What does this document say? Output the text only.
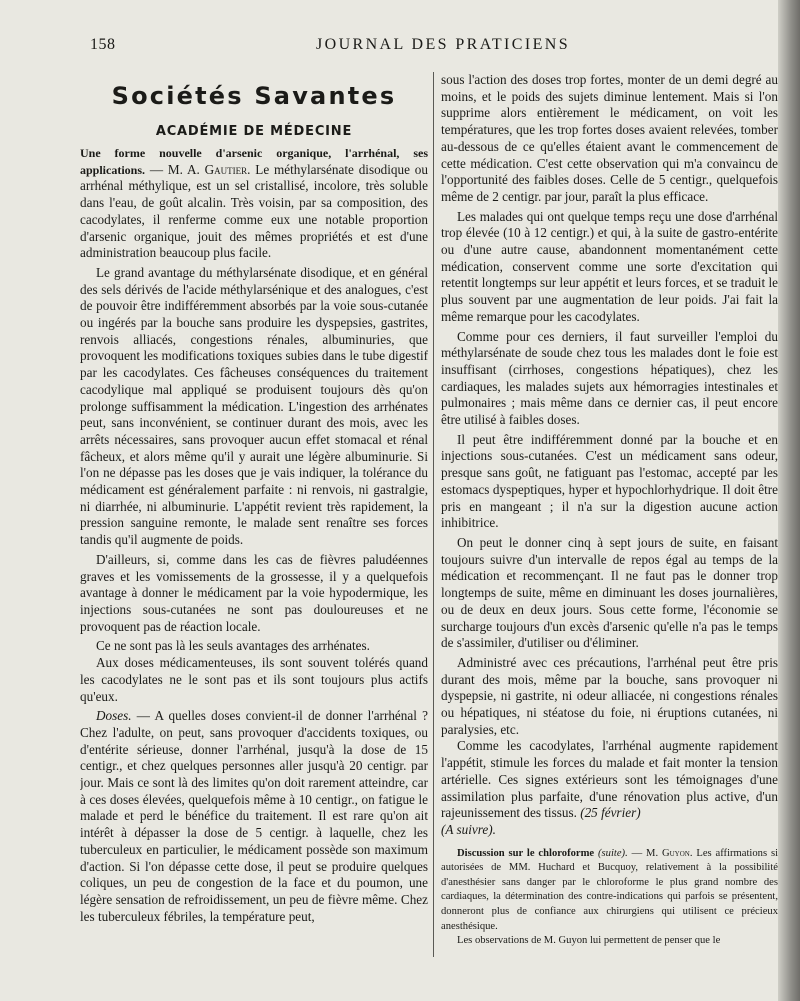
158	JOURNAL DES PRATICIENS
Sociétés Savantes
ACADÉMIE DE MÉDECINE

Une forme nouvelle d'arsenic organique, l'arrhénal, ses applications. — M. A. Gautier. Le méthylarsénate disodique ou arrhénal méthylique, est un sel cristallisé, incolore, très soluble dans l'eau, de goût alcalin. Très voisin, par sa composition, des cacodylates, il renferme comme eux une notable proportion d'arsenic organique, jouit des mêmes propriétés et est d'une administration beaucoup plus facile.

Le grand avantage du méthylarsénate disodique, et en général des sels dérivés de l'acide méthylarsénique et des analogues, c'est de pouvoir être indifféremment absorbés par la voie sous-cutanée ou ingérés par la bouche sans produire les dyspepsies, gastrites, renvois alliacés, congestions rénales, albuminuries, que provoquent les modifications toxiques subies dans le tube digestif par les cacodylates. Ces fâcheuses conséquences du traitement cacodylique mal appliqué se produisent toujours dès qu'on prolonge suffisamment la médication. L'ingestion des arrhénates peut, sans inconvénient, se continuer durant des mois, avec les arrêts nécessaires, sans provoquer aucun effet stomacal et rénal fâcheux, et alors même qu'il y aurait une légère albuminurie. Si l'on ne dépasse pas les doses que je vais indiquer, la tolérance du médicament est généralement parfaite : ni renvois, ni gastralgie, ni diarrhée, ni albuminurie. L'appétit revient très rapidement, la pression sanguine remonte, le malade sent renaître ses forces tandis qu'il augmente de poids.

D'ailleurs, si, comme dans les cas de fièvres paludéennes graves et les vomissements de la grossesse, il y a quelquefois avantage à donner le médicament par la voie hypodermique, les injections sous-cutanées ne sont pas douloureuses et ne provoquent pas de réaction locale.

Ce ne sont pas là les seuls avantages des arrhénates.

Aux doses médicamenteuses, ils sont souvent tolérés quand les cacodylates ne le sont pas et ils sont toujours plus actifs qu'eux.

Doses. — A quelles doses convient-il de donner l'arrhénal ? Chez l'adulte, on peut, sans provoquer d'accidents toxiques, ou d'entérite sérieuse, donner l'arrhénal, jusqu'à la dose de 15 centigr., et chez quelques personnes aller jusqu'à 20 centigr. par jour. Mais ce sont là des limites qu'on doit rarement atteindre, car à ces doses élevées, quelquefois même à 10 centigr., on fatigue le malade et perd le bénéfice du traitement. Il est rare qu'on ait intérêt à dépasser la dose de 5 centigr. à laquelle, chez les tuberculeux en particulier, le médicament possède son maximum d'action. Si l'on dépasse cette dose, il peut se produire quelques coliques, un peu de congestion de la face et du poumon, une légère sensation de refroidissement, un peu de fièvre même. Chez les tuberculeux fébriles, la température peut,

sous l'action des doses trop fortes, monter de un demi degré au moins, et le poids des sujets diminue lentement. Mais si l'on supprime alors entièrement le médicament, on voit les températures, que les trop fortes doses avaient relevées, tomber au-dessous de ce qu'elles étaient avant le commencement de cette médication. C'est cette observation qui m'a convaincu de l'opportunité des faibles doses. Celle de 5 centigr., quelquefois même de 2 centigr. par jour, paraît la plus efficace.

Les malades qui ont quelque temps reçu une dose d'arrhénal trop élevée (10 à 12 centigr.) et qui, à la suite de gastro-entérite ou d'une autre cause, abandonnent momentanément cette médication, conservent comme une sorte d'excitation qui retentit longtemps sur leur appétit et leurs forces, et se traduit le plus souvent par une augmentation de leur poids. J'ai fait la même remarque pour les cacodylates.

Comme pour ces derniers, il faut surveiller l'emploi du méthylarsénate de soude chez tous les malades dont le foie est insuffisant (cirrhoses, congestions hépatiques), chez les cardiaques, les malades sujets aux hémorragies intestinales et pulmonaires ; mais même dans ce dernier cas, il peut encore être utilisé à faibles doses.

Il peut être indifféremment donné par la bouche et en injections sous-cutanées. C'est un médicament sans odeur, presque sans goût, ne fatiguant pas l'estomac, accepté par les estomacs dyspeptiques, hyper et hypochlorhydrique. Il doit être pris en mangeant ; il n'a sur la digestion aucune action inhibitrice.

On peut le donner cinq à sept jours de suite, en faisant toujours suivre d'un intervalle de repos égal au temps de la médication et recommençant. Il ne faut pas le donner trop longtemps de suite, même en diminuant les doses journalières, ou de deux en deux jours. Sous cette forme, l'économie se surcharge toujours d'un excès d'arsenic qu'elle n'a pas le temps de s'assimiler, d'utiliser ou d'éliminer.

Administré avec ces précautions, l'arrhénal peut être pris durant des mois, même par la bouche, sans provoquer ni dyspepsie, ni gastrite, ni odeur alliacée, ni congestions rénales ou hépatiques, ni stéatose du foie, ni éruptions cutanées, ni paralysies, etc.

Comme les cacodylates, l'arrhénal augmente rapidement l'appétit, stimule les forces du malade et fait monter la tension artérielle. Ces signes extérieurs sont les témoignages d'une assimilation plus parfaite, d'une rénovation plus active, d'un rajeunissement des tissus. (25 février)
(A suivre).

Discussion sur le chloroforme (suite). — M. Guyon. Les affirmations si autorisées de MM. Huchard et Bucquoy, relativement à la possibilité d'anesthésier sans danger par le chloroforme le plus grand nombre des cardiaques, la détermination des contre-indications qui parfois se présentent, donneront plus de confiance aux chirurgiens qui utilisent ce précieux anesthésique.

Les observations de M. Guyon lui permettent de penser que le
